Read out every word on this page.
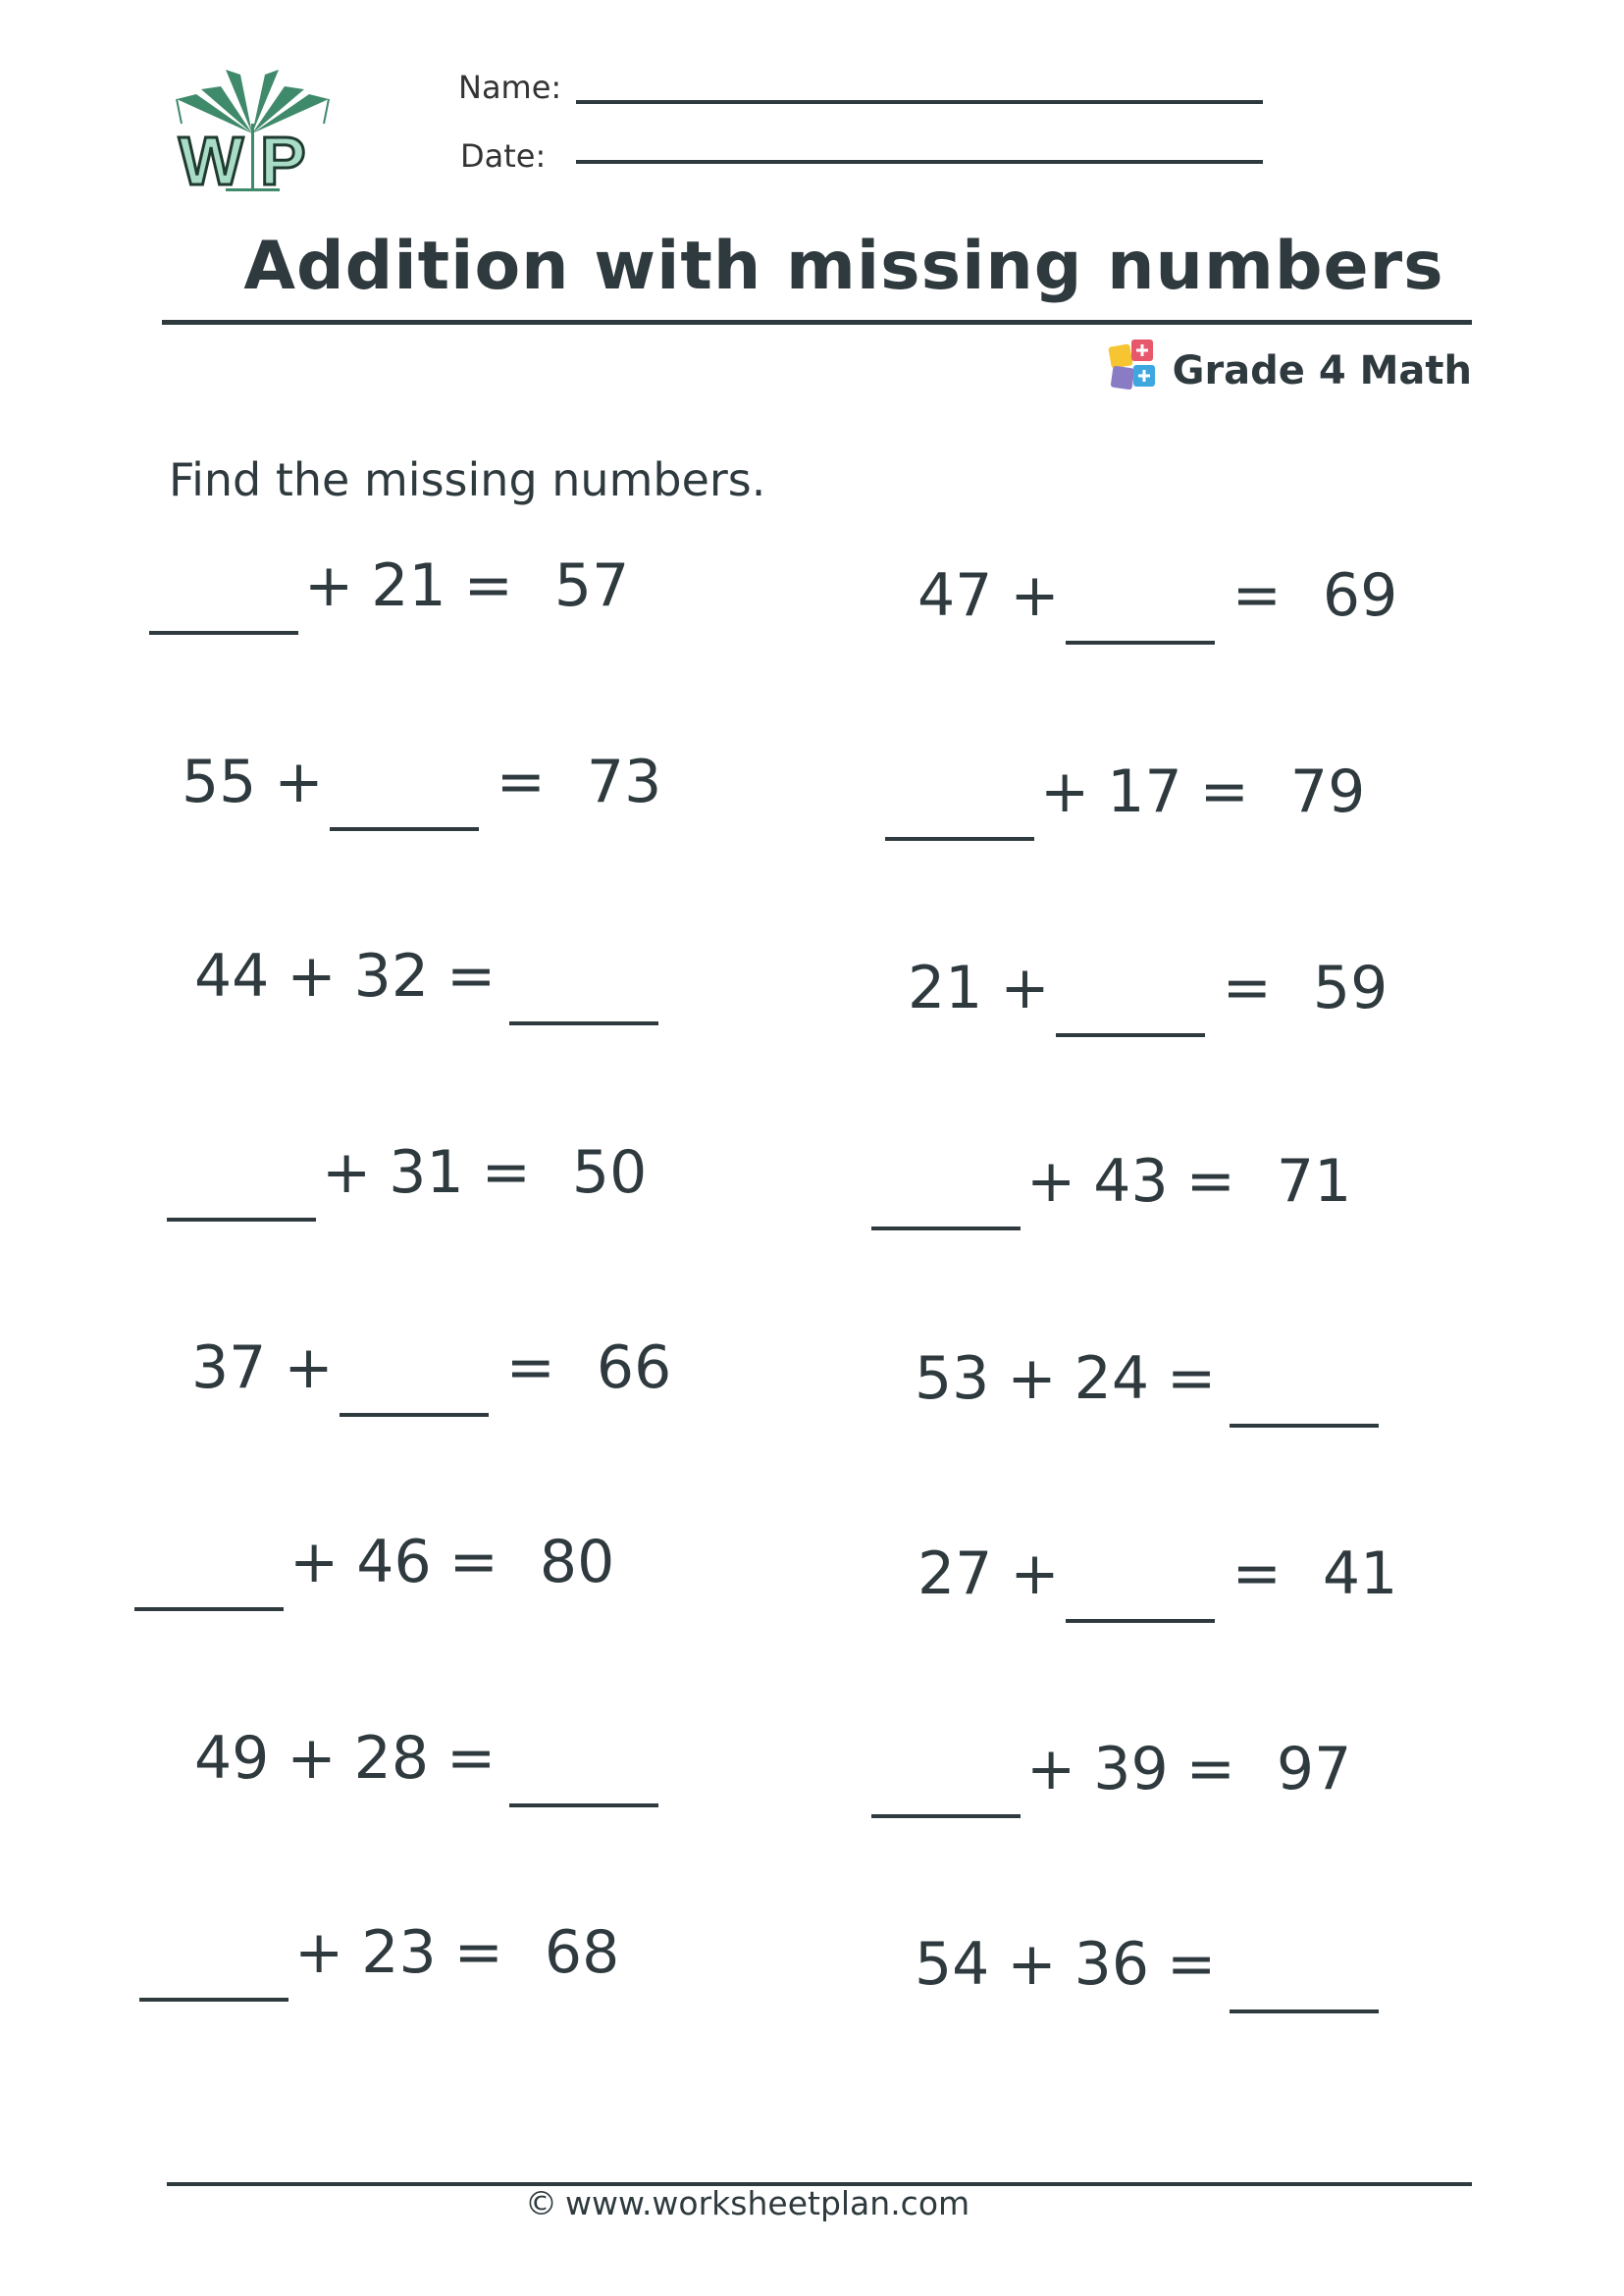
W P
Name:
Date:
Addition with missing numbers
Grade 4 Math
Find the missing numbers.
+ 21 = 57
55 +	= 73
44 + 32 =
+ 31 = 50
37 +	= 66
+ 46 = 80
49 + 28 =
+ 23 = 68
47 +	= 69
+ 17 = 79
21 +	= 59
+ 43 = 71
53 + 24 =
27 +	= 41
+ 39 = 97
54 + 36 =
© www.worksheetplan.com
